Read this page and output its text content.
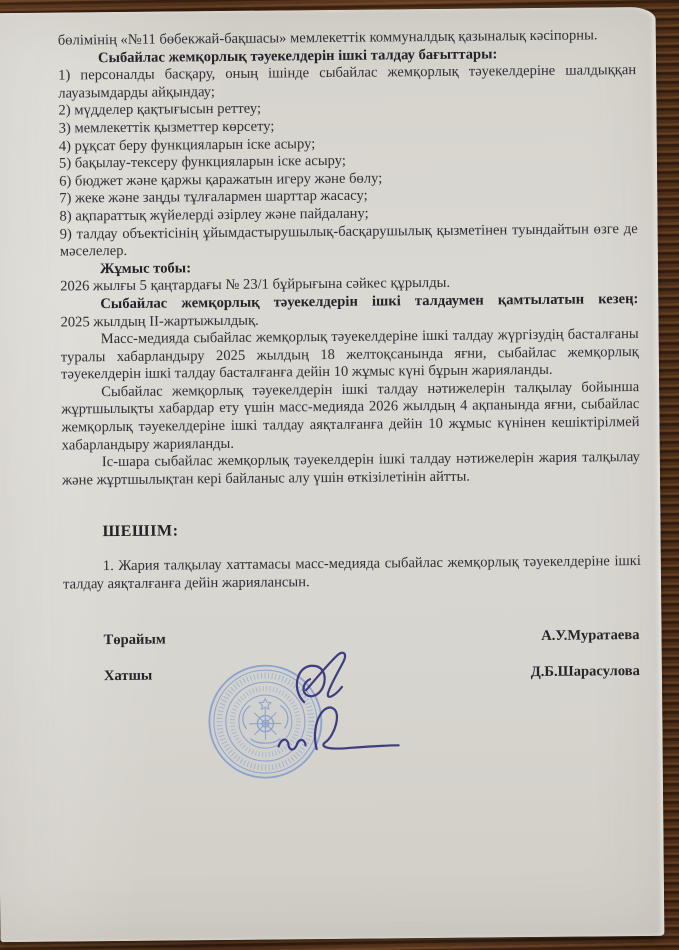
бөлімінің «№11 бөбекжай-бақшасы» мемлекеттік коммуналдық қазыналық кәсіпорны.

Сыбайлас жемқорлық тәуекелдерін ішкі талдау бағыттары:

1) персоналды басқару, оның ішінде сыбайлас жемқорлық тәуекелдеріне шалдыққан лауазымдарды айқындау;

2) мүдделер қақтығысын реттеу;

3) мемлекеттік қызметтер көрсету;

4) рұқсат беру функцияларын іске асыру;

5) бақылау-тексеру функцияларын іске асыру;

6) бюджет және қаржы қаражатын игеру және бөлу;

7) жеке және заңды тұлғалармен шарттар жасасу;

8) ақпараттық жүйелерді әзірлеу және пайдалану;

9) талдау объектісінің ұйымдастырушылық-басқарушылық қызметінен туындайтын өзге де мәселелер.

Жұмыс тобы:

2026 жылғы 5 қаңтардағы № 23/1 бұйрығына сәйкес құрылды.

Сыбайлас жемқорлық тәуекелдерін ішкі талдаумен қамтылатын кезең:

2025 жылдың II-жартыжылдық.

Масс-медияда сыбайлас жемқорлық тәуекелдеріне ішкі талдау жүргізудің басталғаны туралы хабарландыру 2025 жылдың 18 желтоқсанында яғни, сыбайлас жемқорлық тәуекелдерін ішкі талдау басталғанға дейін 10 жұмыс күні бұрын жарияланды.

Сыбайлас жемқорлық тәуекелдерін ішкі талдау нәтижелерін талқылау бойынша жұртшылықты хабардар ету үшін масс-медияда 2026 жылдың 4 ақпанында яғни, сыбайлас жемқорлық тәуекелдеріне ішкі талдау аяқталғанға дейін 10 жұмыс күнінен кешіктірілмей хабарландыру жарияланды.

Іс-шара сыбайлас жемқорлық тәуекелдерін ішкі талдау нәтижелерін жария талқылау және жұртшылықтан кері байланыс алу үшін өткізілетінін айтты.

ШЕШІМ:

1. Жария талқылау хаттамасы масс-медияда сыбайлас жемқорлық тәуекелдеріне ішкі талдау аяқталғанға дейін жариялансын.

Төрайым	А.У.Муратаева
Хатшы	Д.Б.Шарасулова
